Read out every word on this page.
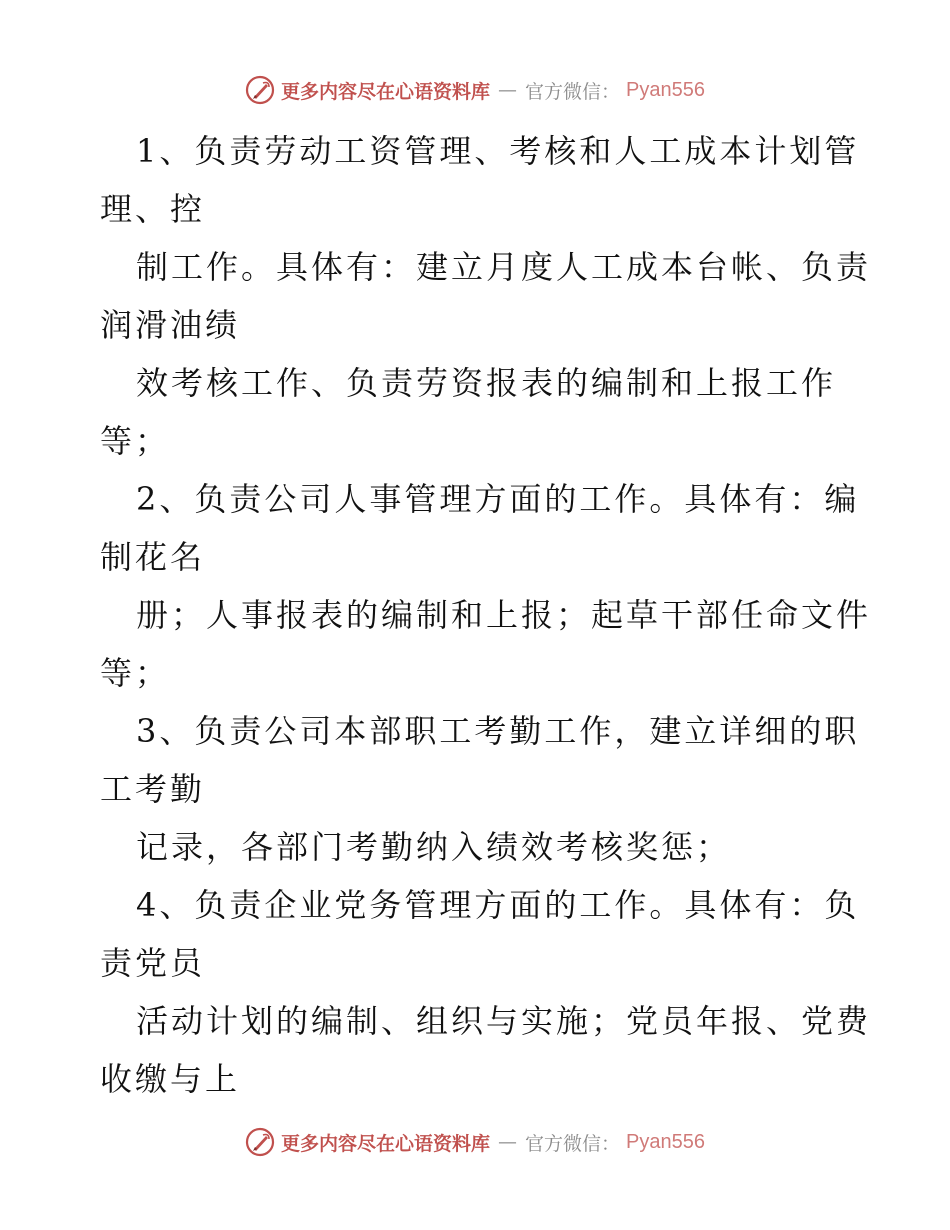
更多内容尽在心语资料库 — 官方微信： Pyan556
1、负责劳动工资管理、考核和人工成本计划管
理、控
制工作。具体有：建立月度人工成本台帐、负责
润滑油绩
效考核工作、负责劳资报表的编制和上报工作
等；
2、负责公司人事管理方面的工作。具体有：编
制花名
册；人事报表的编制和上报；起草干部任命文件
等；
3、负责公司本部职工考勤工作，建立详细的职
工考勤
记录，各部门考勤纳入绩效考核奖惩；
4、负责企业党务管理方面的工作。具体有：负
责党员
活动计划的编制、组织与实施；党员年报、党费
收缴与上
更多内容尽在心语资料库 — 官方微信： Pyan556
